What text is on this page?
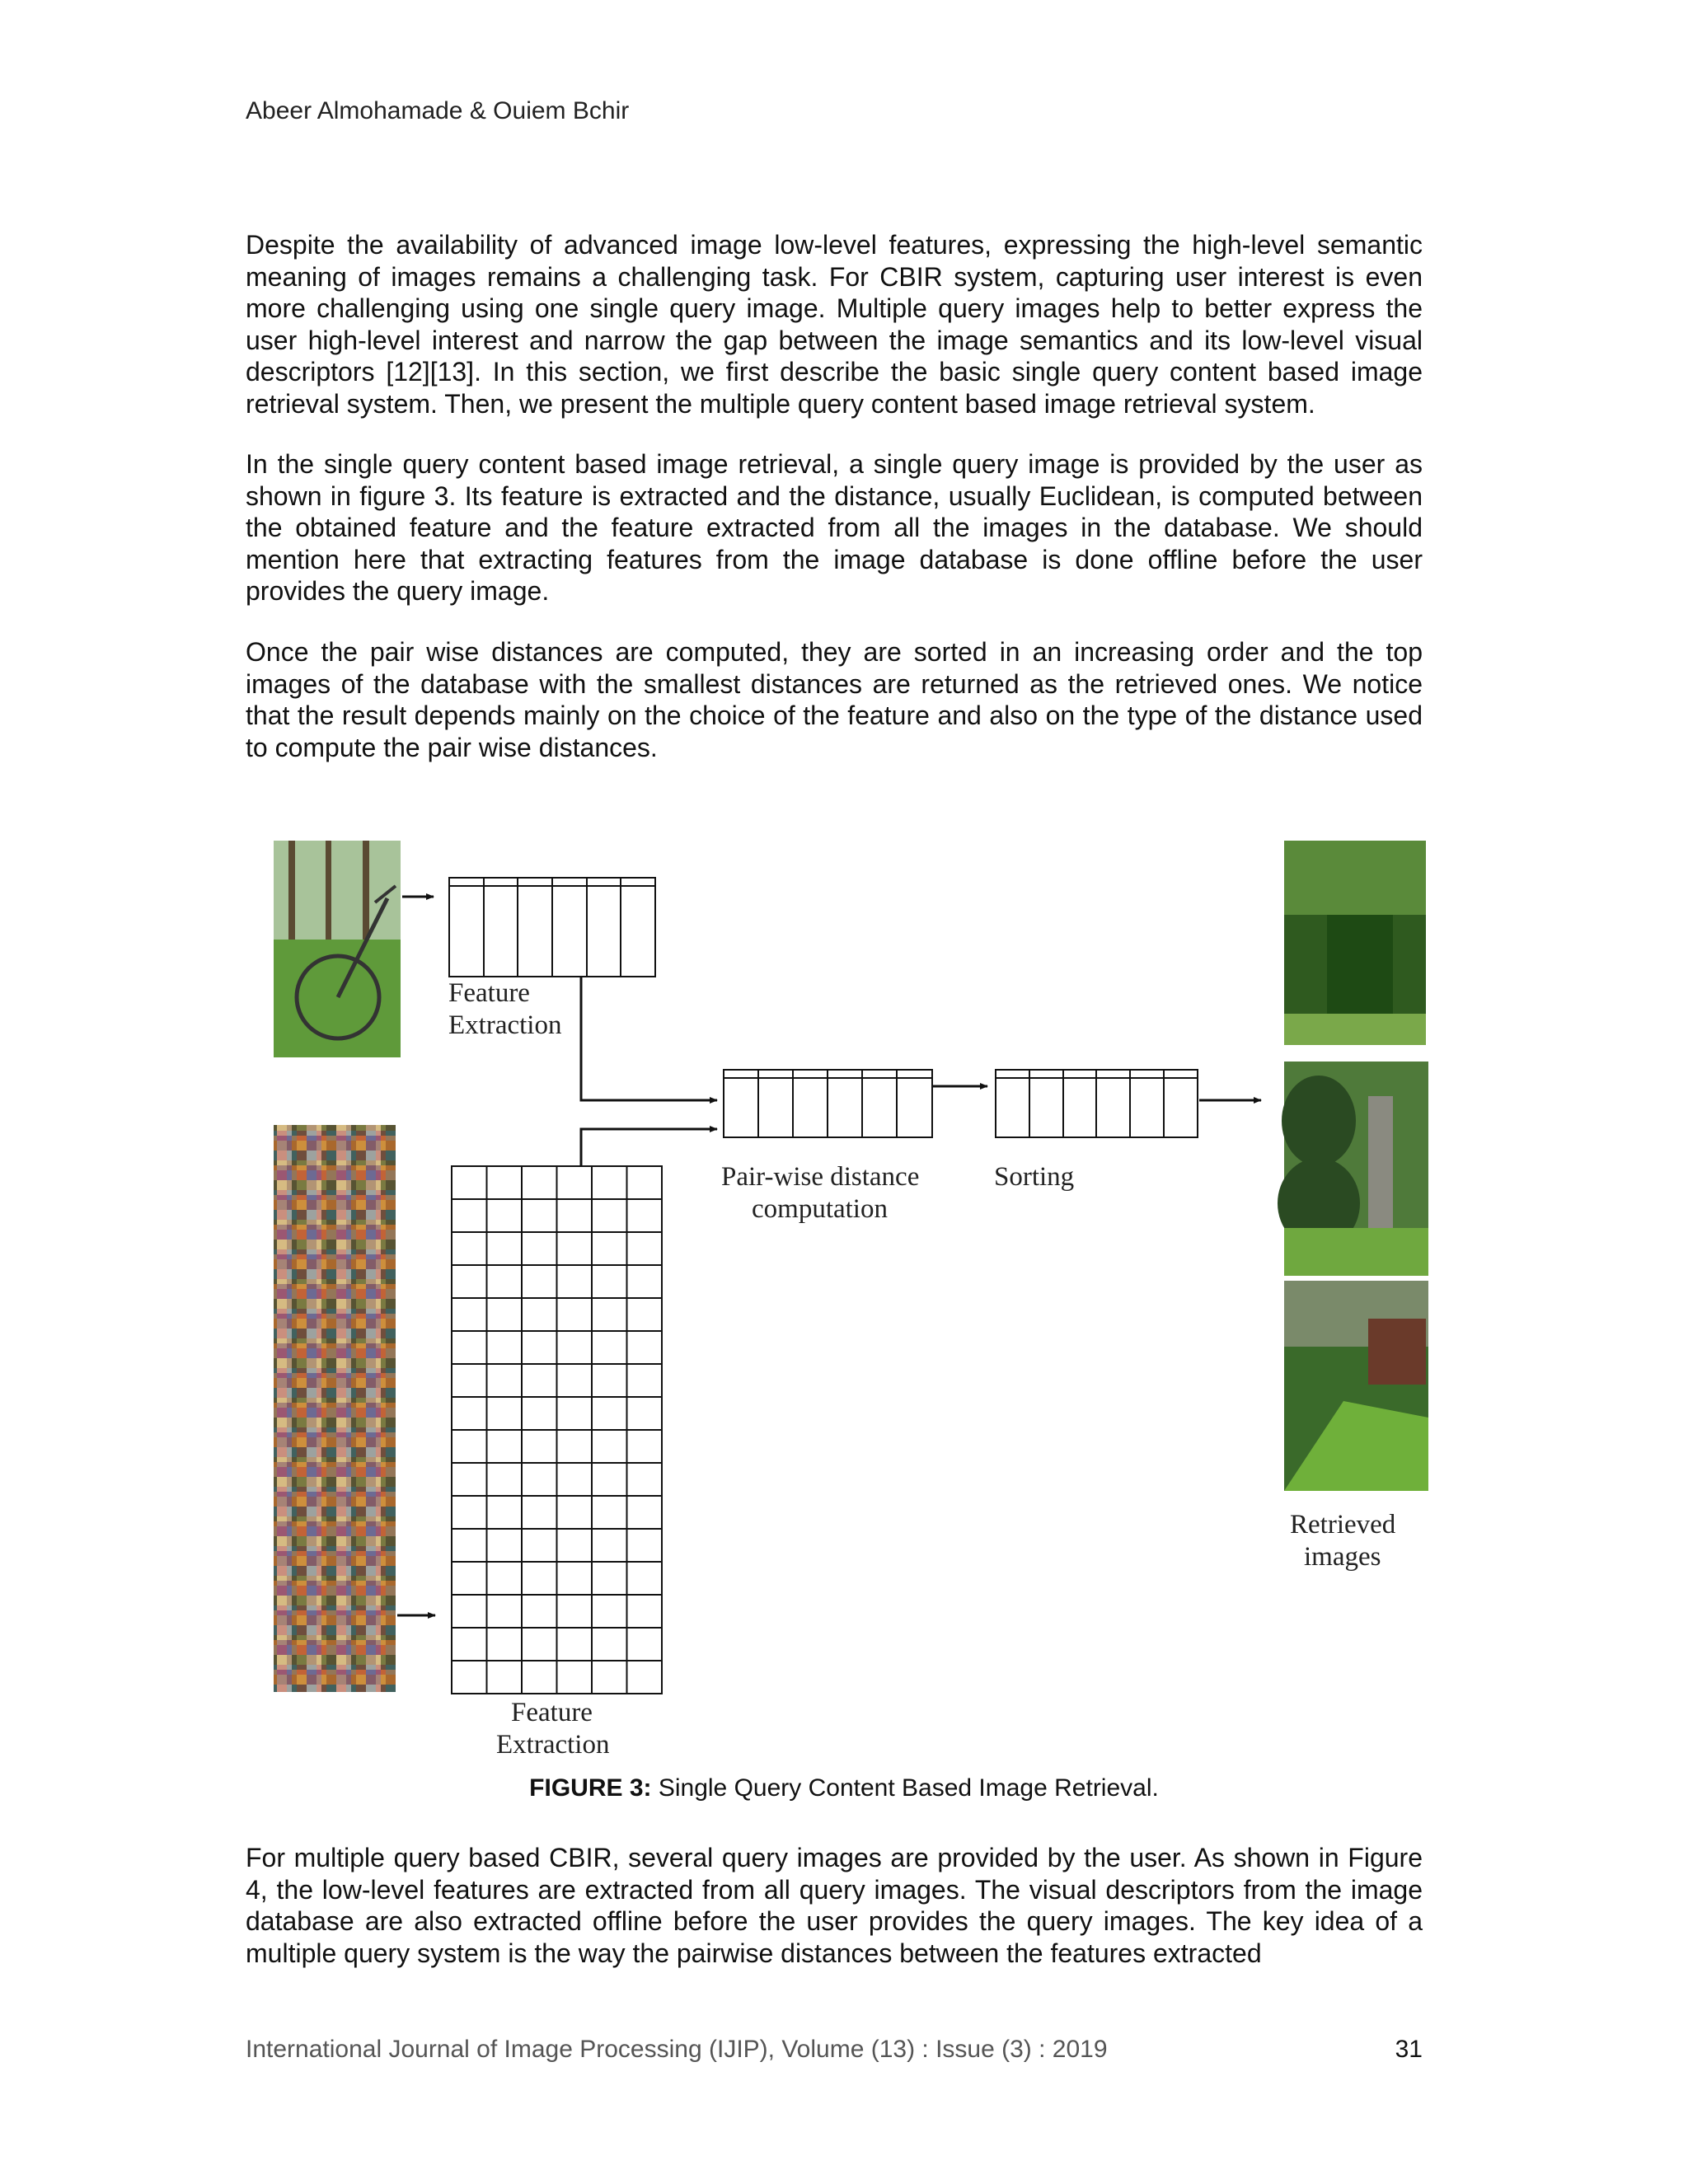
Abeer Almohamade & Ouiem Bchir

Despite the availability of advanced image low-level features, expressing the high-level semantic meaning of images remains a challenging task. For CBIR system, capturing user interest is even more challenging using one single query image. Multiple query images help to better express the user high-level interest and narrow the gap between the image semantics and its low-level visual descriptors [12][13]. In this section, we first describe the basic single query content based image retrieval system. Then, we present the multiple query content based image retrieval system.

In the single query content based image retrieval, a single query image is provided by the user as shown in figure 3. Its feature is extracted and the distance, usually Euclidean, is computed between the obtained feature and the feature extracted from all the images in the database. We should mention here that extracting features from the image database is done offline before the user provides the query image.

Once the pair wise distances are computed, they are sorted in an increasing order and the top images of the database with the smallest distances are returned as the retrieved ones. We notice that the result depends mainly on the choice of the feature and also on the type of the distance used to compute the pair wise distances.

Feature
Extraction
Pair-wise distance
computation
Sorting
Retrieved
images
Feature
Extraction
FIGURE 3: Single Query Content Based Image Retrieval.

For multiple query based CBIR, several query images are provided by the user. As shown in Figure 4, the low-level features are extracted from all query images. The visual descriptors from the image database are also extracted offline before the user provides the query images. The key idea of a multiple query system is the way the pairwise distances between the features extracted

International Journal of Image Processing (IJIP), Volume (13) : Issue (3) : 2019	31
